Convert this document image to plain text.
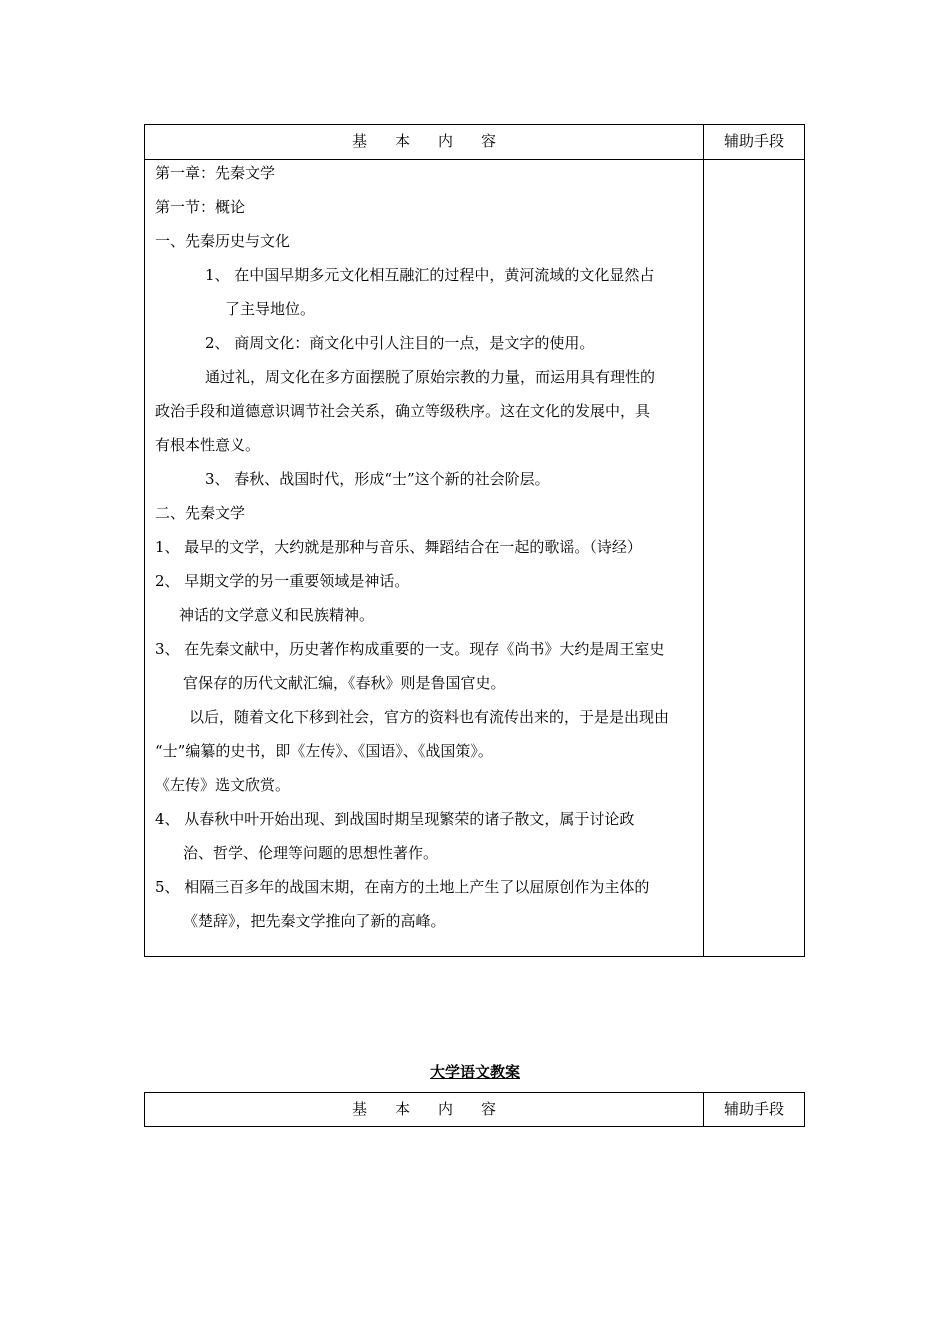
基 本 内 容	辅助手段
第一章：先秦文学
第一节：概论
一、先秦历史与文化
1、 在中国早期多元文化相互融汇的过程中，黄河流域的文化显然占
了主导地位。
2、 商周文化：商文化中引人注目的一点，是文字的使用。
通过礼，周文化在多方面摆脱了原始宗教的力量，而运用具有理性的
政治手段和道德意识调节社会关系，确立等级秩序。这在文化的发展中，具
有根本性意义。
3、 春秋、战国时代，形成“士”这个新的社会阶层。
二、先秦文学
1、 最早的文学，大约就是那种与音乐、舞蹈结合在一起的歌谣。（诗经）
2、 早期文学的另一重要领域是神话。
神话的文学意义和民族精神。
3、 在先秦文献中，历史著作构成重要的一支。现存《尚书》大约是周王室史
官保存的历代文献汇编，《春秋》则是鲁国官史。
以后，随着文化下移到社会，官方的资料也有流传出来的，于是是出现由
“士”编纂的史书，即《左传》、《国语》、《战国策》。
《左传》选文欣赏。
4、 从春秋中叶开始出现、到战国时期呈现繁荣的诸子散文，属于讨论政
治、哲学、伦理等问题的思想性著作。
5、 相隔三百多年的战国末期，在南方的土地上产生了以屈原创作为主体的
《楚辞》，把先秦文学推向了新的高峰。
大学语文教案
基 本 内 容	辅助手段
